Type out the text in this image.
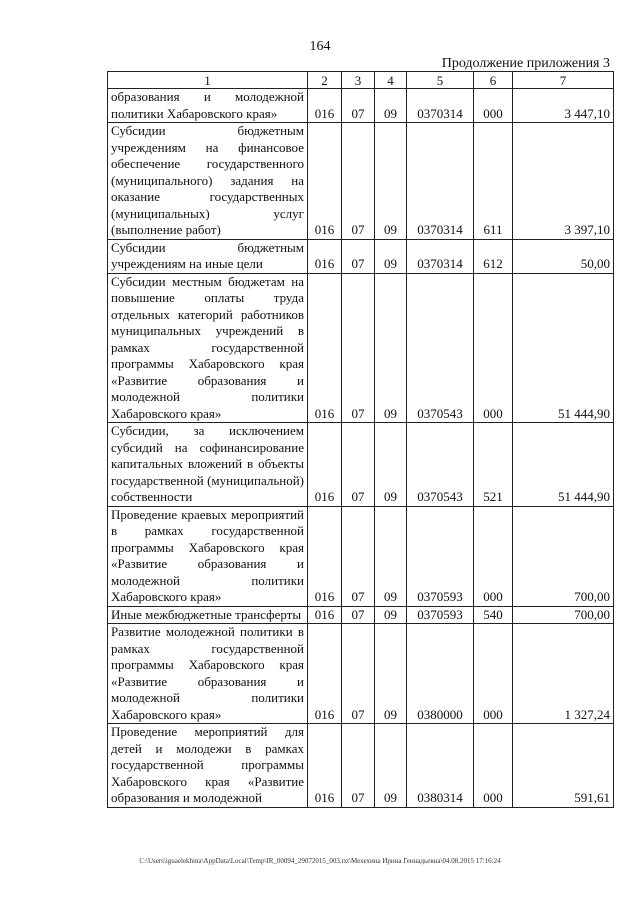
164
Продолжение приложения 3
1	2	3	4	5	6	7
образования и молодежной политики Хабаровского края»	016	07	09	0370314	000	3 447,10
Субсидии бюджетным учреждениям на финансовое обеспечение государственного (муниципального) задания на оказание государственных (муниципальных) услуг (выполнение работ)	016	07	09	0370314	611	3 397,10
Субсидии бюджетным учреждениям на иные цели	016	07	09	0370314	612	50,00
Субсидии местным бюджетам на повышение оплаты труда отдельных категорий работников муниципальных учреждений в рамках государственной программы Хабаровского края «Развитие образования и молодежной политики Хабаровского края»	016	07	09	0370543	000	51 444,90
Субсидии, за исключением субсидий на софинансирование капитальных вложений в объекты государственной (муниципальной) собственности	016	07	09	0370543	521	51 444,90
Проведение краевых мероприятий в рамках государственной программы Хабаровского края «Развитие образования и молодежной политики Хабаровского края»	016	07	09	0370593	000	700,00
Иные межбюджетные трансферты	016	07	09	0370593	540	700,00
Развитие молодежной политики в рамках государственной программы Хабаровского края «Развитие образования и молодежной политики Хабаровского края»	016	07	09	0380000	000	1 327,24
Проведение мероприятий для детей и молодежи в рамках государственной программы Хабаровского края «Развитие образования и молодежной	016	07	09	0380314	000	591,61
C:\Users\iguaelekhina\AppData\Local\Temp\IR_00094_29072015_003.txt\Мехехина Ирина Геннадьевна\04.08.2015 17:16:24
